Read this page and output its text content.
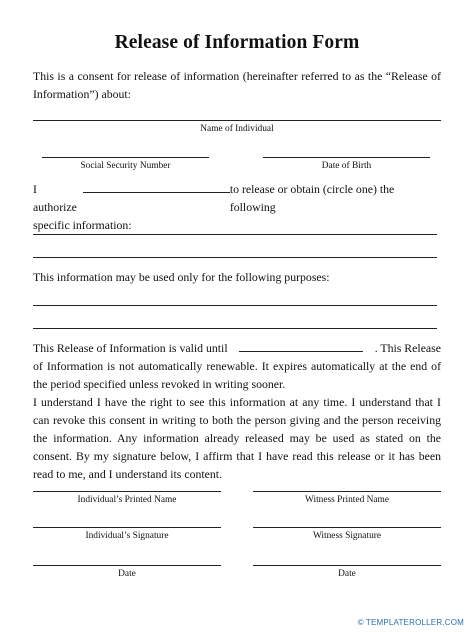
Release of Information Form
This is a consent for release of information (hereinafter referred to as the “Release of Information”) about:
Name of Individual
Social Security Number	Date of Birth
I authorize
to release or obtain (circle one) the following
specific information:
This information may be used only for the following purposes:
This Release of Information is valid until	. This Release
of Information is not automatically renewable. It expires automatically at the end of the period specified unless revoked in writing sooner.
I understand I have the right to see this information at any time. I understand that I can revoke this consent in writing to both the person giving and the person receiving the information. Any information already released may be used as stated on the consent. By my signature below, I affirm that I have read this release or it has been read to me, and I understand its content.
Individual’s Printed Name	Witness Printed Name
Individual’s Signature	Witness Signature
Date	Date
© TEMPLATEROLLER.COM
